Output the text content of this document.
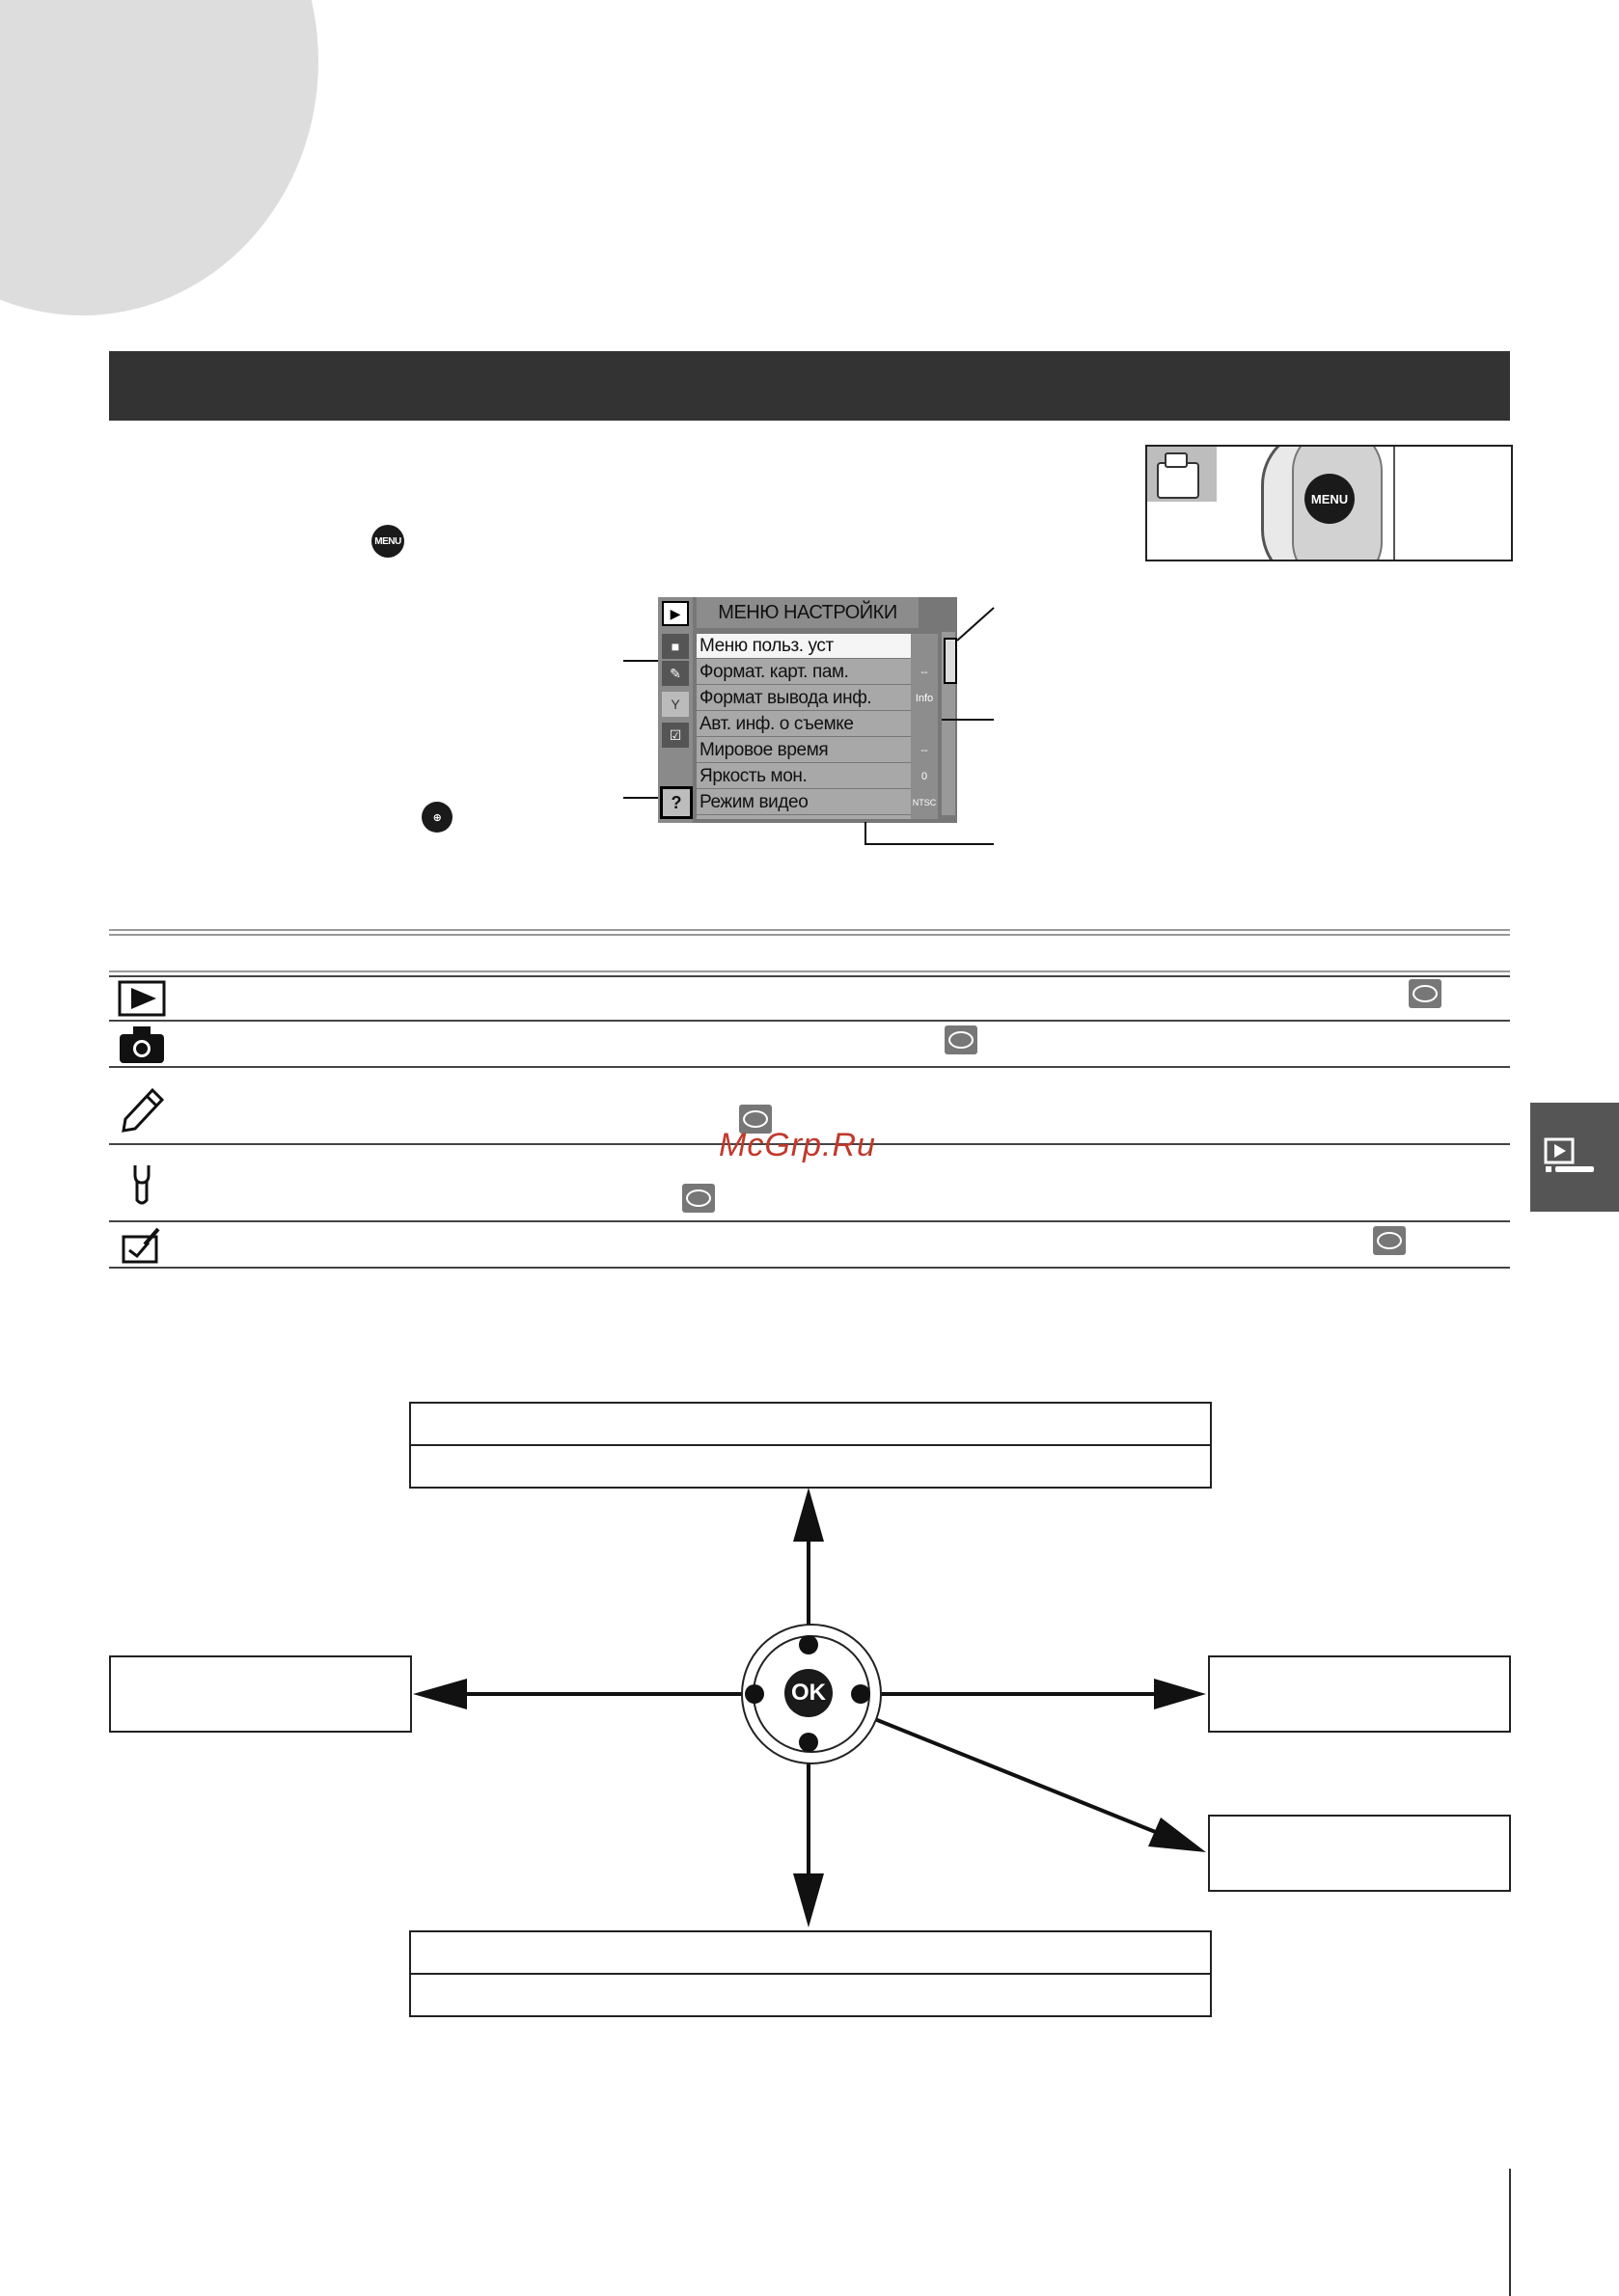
MENU
MENU
▶
■
✎
Y
☑
?
МЕНЮ НАСТРОЙКИ
Меню польз. уст
Формат. карт. пам.
Формат вывода инф.
Авт. инф. о съемке
Мировое время
Яркость мон.
Режим видео
--
Info
--
0
NTSC
⊕
McGrp.Ru
OK
